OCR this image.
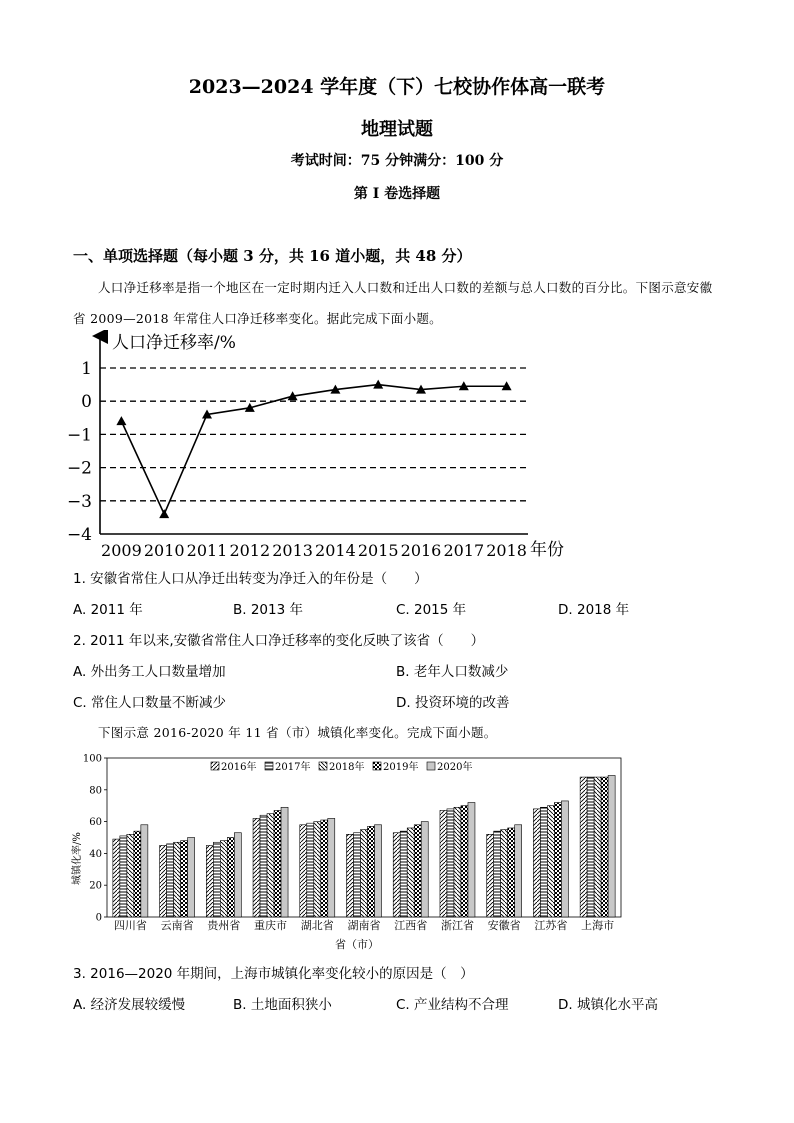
2023—2024 学年度（下）七校协作体高一联考
地理试题
考试时间：75 分钟满分：100 分
第 I 卷选择题
一、单项选择题（每小题 3 分，共 16 道小题，共 48 分）
人口净迁移率是指一个地区在一定时期内迁入人口数和迁出人口数的差额与总人口数的百分比。下图示意安徽省 2009—2018 年常住人口净迁移率变化。据此完成下面小题。
1
0
−1
−2
−3
−4
2009 2010 2011 2012 2013 2014 2015 2016 2017 2018
人口净迁移率/%
年份
1. 安徽省常住人口从净迁出转变为净迁入的年份是（　　）
A. 2011 年	B. 2013 年	C. 2015 年	D. 2018 年
2. 2011 年以来,安徽省常住人口净迁移率的变化反映了该省（　　）
A. 外出务工人口数量增加	B. 老年人口数减少
C. 常住人口数量不断减少	D. 投资环境的改善
下图示意 2016-2020 年 11 省（市）城镇化率变化。完成下面小题。
0
20
40
60
80
100
四川省 云南省 贵州省 重庆市 湖北省 湖南省 江西省 浙江省 安徽省 江苏省 上海市
2016年 2017年 2018年 2019年 2020年
城镇化率/%
省（市）
3. 2016—2020 年期间，上海市城镇化率变化较小的原因是（　）
A. 经济发展较缓慢	B. 土地面积狭小	C. 产业结构不合理	D. 城镇化水平高
